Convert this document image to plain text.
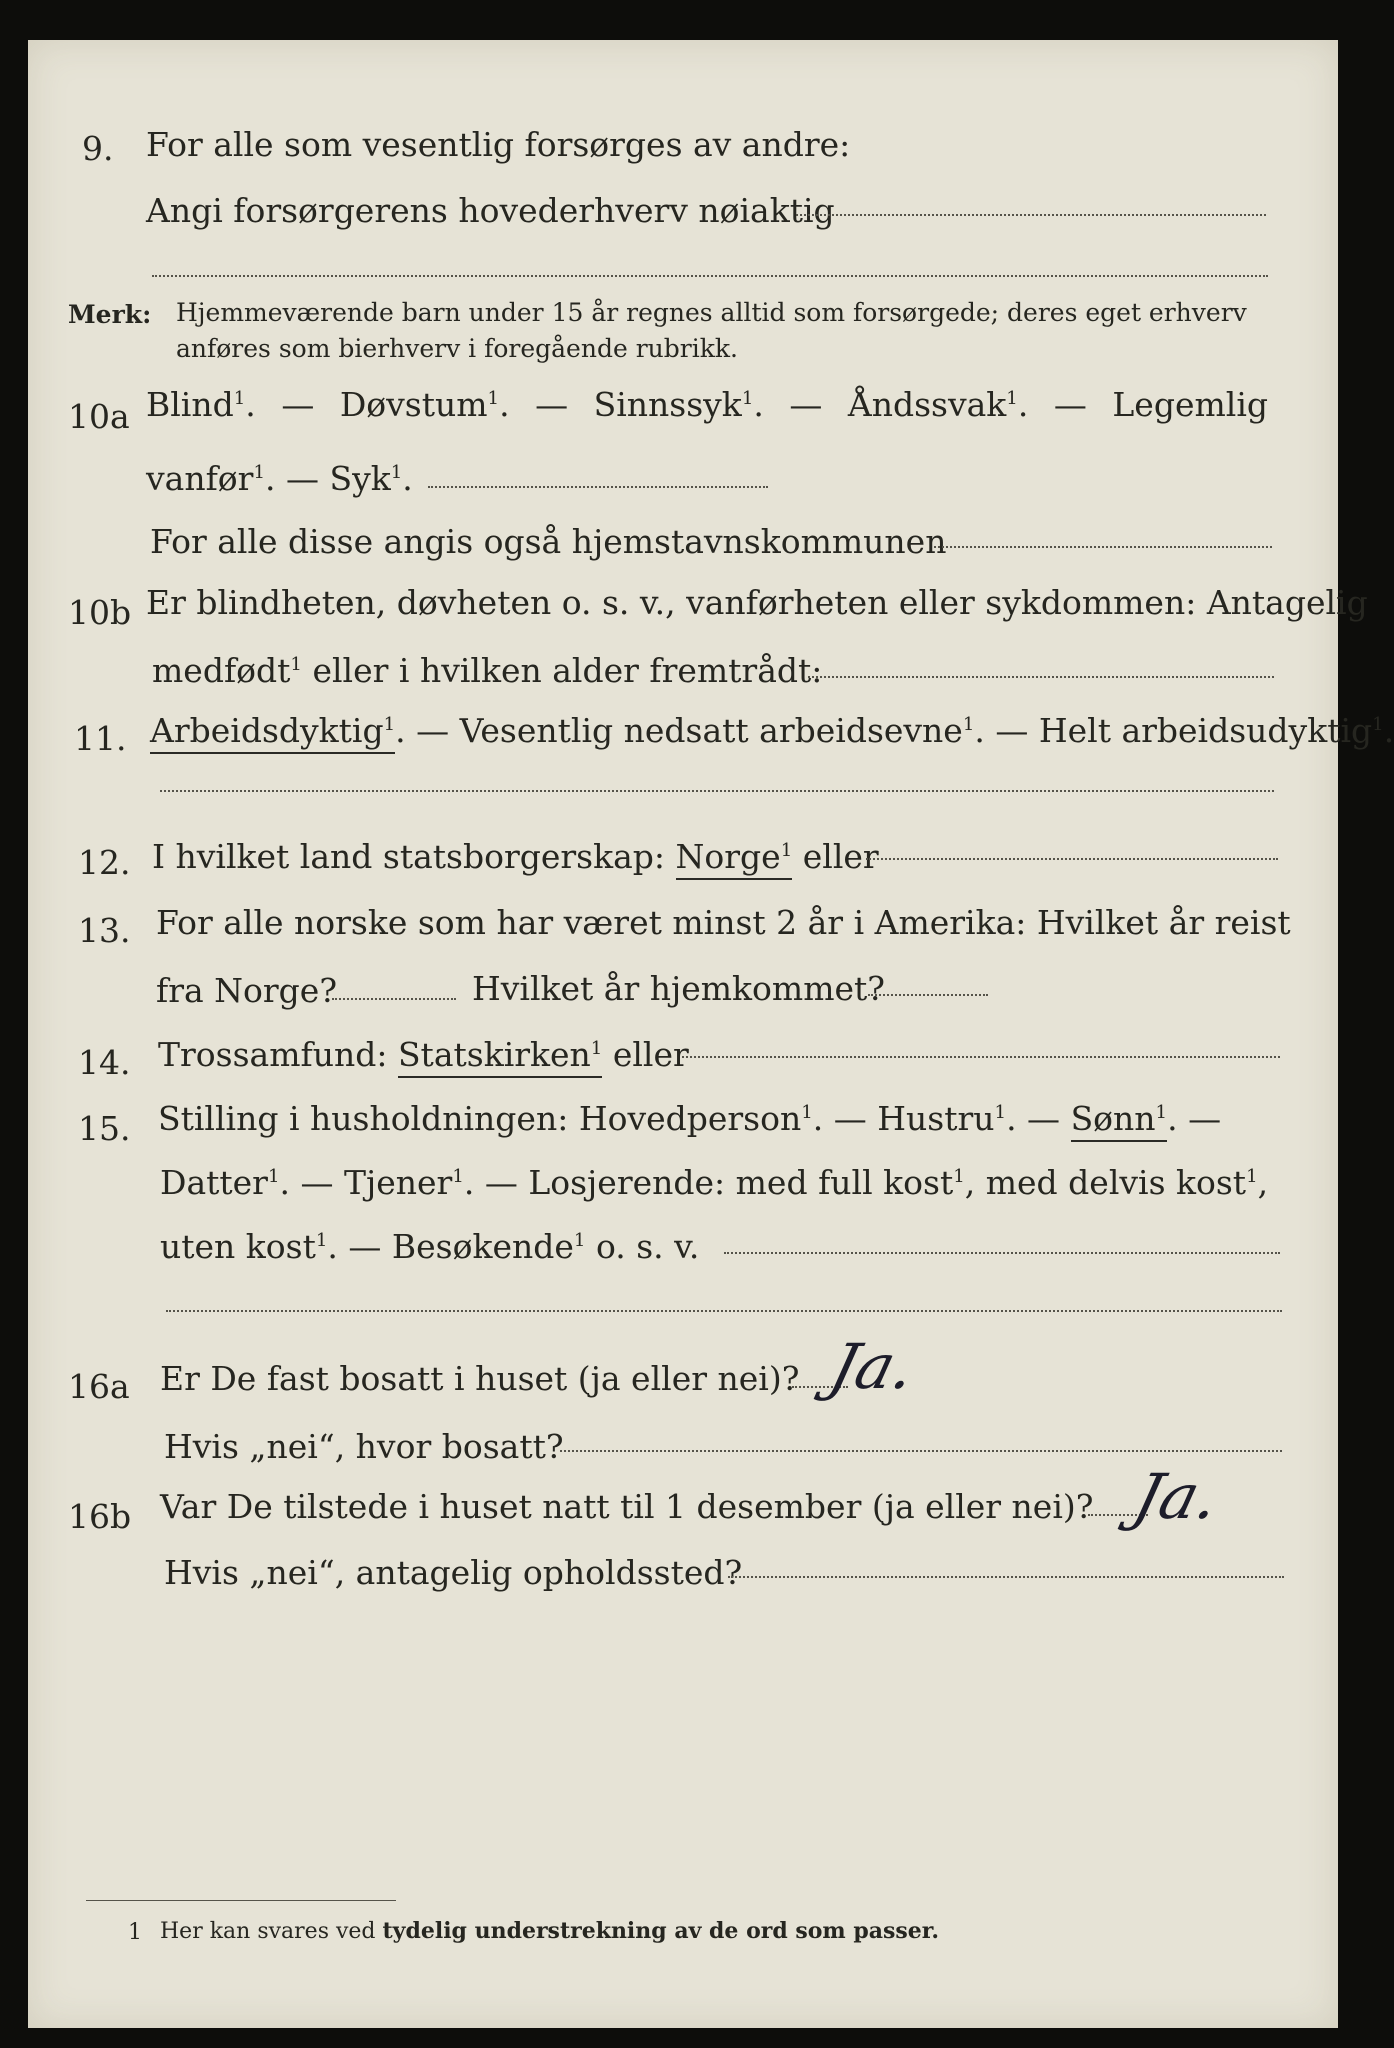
9. For alle som vesentlig forsørges av andre:
Angi forsørgerens hovederhverv nøiaktig
Merk: Hjemmeværende barn under 15 år regnes alltid som forsørgede; deres eget erhverv
anføres som bierhverv i foregående rubrikk.
10a Blind$^1$. — Døvstum$^1$. — Sinnssyk$^1$. — Åndssvak$^1$. — Legemlig
vanfør$^1$. — Syk$^1$.
For alle disse angis også hjemstavnskommunen
10b Er blindheten, døvheten o. s. v., vanførheten eller sykdommen: Antagelig
medfødt$^1$ eller i hvilken alder fremtrådt:
11. Arbeidsdyktig$^1$. — Vesentlig nedsatt arbeidsevne$^1$. — Helt arbeidsudyktig$^1$.
12. I hvilket land statsborgerskap: Norge$^1$ eller
13. For alle norske som har været minst 2 år i Amerika: Hvilket år reist
fra Norge?	Hvilket år hjemkommet?
14. Trossamfund: Statskirken$^1$ eller
15. Stilling i husholdningen: Hovedperson$^1$. — Hustru$^1$. — Sønn$^1$. —
Datter$^1$. — Tjener$^1$. — Losjerende: med full kost$^1$, med delvis kost$^1$,
uten kost$^1$. — Besøkende$^1$ o. s. v.
16a Er De fast bosatt i huset (ja eller nei)? Ja.
Hvis „nei“, hvor bosatt?
16b Var De tilstede i huset natt til 1 desember (ja eller nei)? Ja.
Hvis „nei“, antagelig opholdssted?
1 Her kan svares ved tydelig understrekning av de ord som passer.
